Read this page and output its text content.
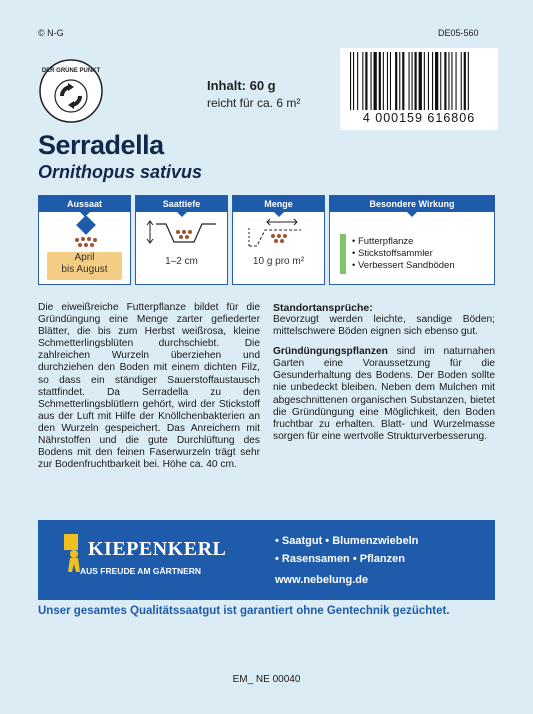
© N-G	DE05-560
DER GRÜNE PUNKT
Inhalt: 60 g
reicht für ca. 6 m²
4 000159 616806
Serradella
Ornithopus sativus
Aussaat
April
bis August
Saattiefe
1–2 cm
Menge
10 g pro m²
Besondere Wirkung
• Futterpflanze
• Stickstoffsammler
• Verbessert Sandböden
Die eiweißreiche Futterpflanze bildet für die Gründüngung eine Menge zarter gefiederter Blätter, die bis zum Herbst weißrosa, kleine Schmetterlingsblüten durchschiebt. Die zahlreichen Wurzeln überziehen und durchziehen den Boden mit einem dichten Filz, so dass ein ständiger Sauerstoffaustausch stattfindet. Da Serradella zu den Schmetterlingsblütlern gehört, wird der Stickstoff aus der Luft mit Hilfe der Knöllchenbakterien an den Wurzeln gespeichert. Das Anreichern mit Nährstoffen und die gute Durchlüftung des Bodens mit den feinen Faserwurzeln trägt sehr zur Bodenfruchtbarkeit bei. Höhe ca. 40 cm.
Standortansprüche:
Bevorzugt werden leichte, sandige Böden; mittelschwere Böden eignen sich ebenso gut.
Gründüngungspflanzen sind im naturnahen Garten eine Voraussetzung für die Gesunderhaltung des Bodens. Der Boden sollte nie unbedeckt bleiben. Neben dem Mulchen mit abgeschnittenen organischen Substanzen, bietet die Gründüngung eine Möglichkeit, den Boden fruchtbar zu erhalten. Blatt- und Wurzelmasse sorgen für eine wertvolle Strukturverbesserung.
KIEPENKERL
AUS FREUDE AM GÄRTNERN
• Saatgut • Blumenzwiebeln
• Rasensamen • Pflanzen
www.nebelung.de
Unser gesamtes Qualitätssaatgut ist garantiert ohne Gentechnik gezüchtet.
EM_ NE 00040
